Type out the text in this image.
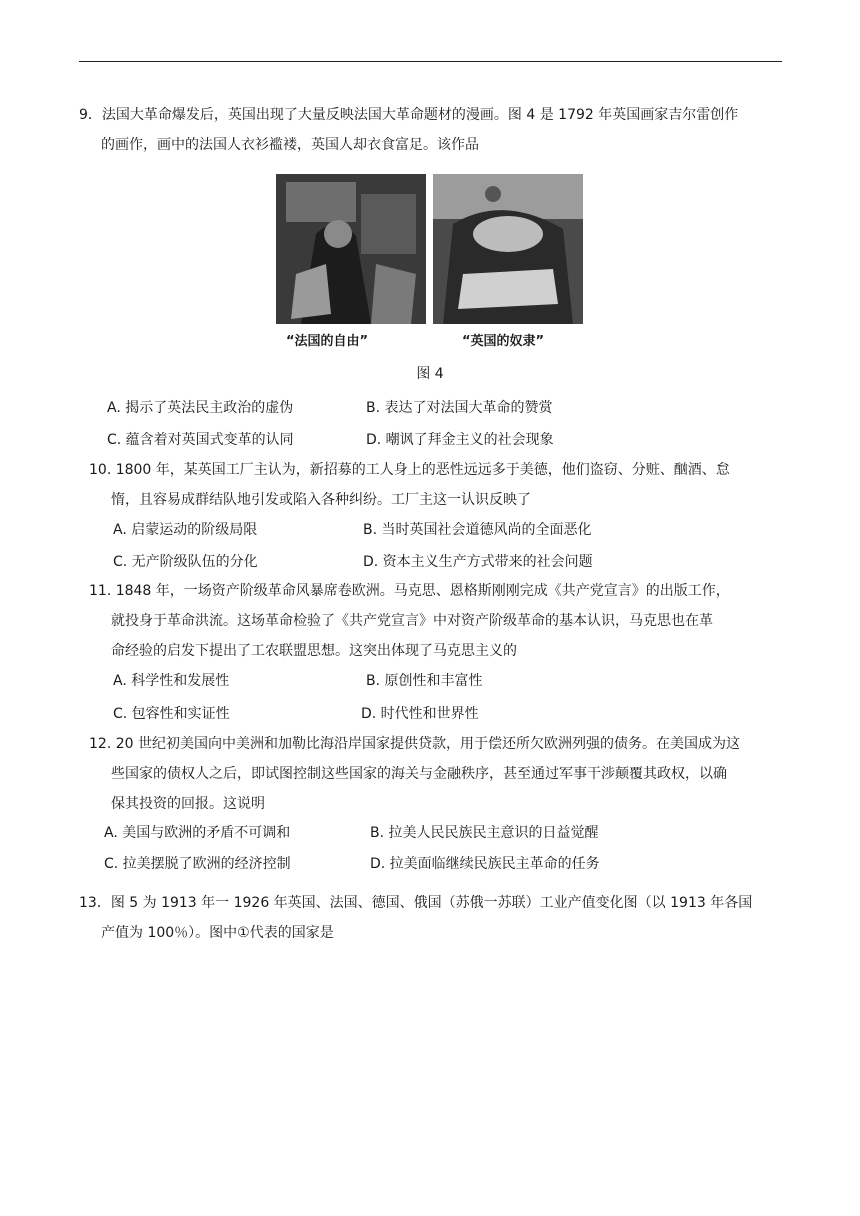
9．法国大革命爆发后，英国出现了大量反映法国大革命题材的漫画。图 4 是 1792 年英国画家吉尔雷创作

的画作，画中的法国人衣衫褴褛，英国人却衣食富足。该作品

“法国的自由”	“英国的奴隶”
图 4
A. 揭示了英法民主政治的虚伪	B. 表达了对法国大革命的赞赏
C. 蕴含着对英国式变革的认同	D. 嘲讽了拜金主义的社会现象

10. 1800 年，某英国工厂主认为，新招募的工人身上的恶性远远多于美德，他们盗窃、分赃、酗酒、怠

惰，且容易成群结队地引发或陷入各种纠纷。工厂主这一认识反映了

A. 启蒙运动的阶级局限	B. 当时英国社会道德风尚的全面恶化
C. 无产阶级队伍的分化	D. 资本主义生产方式带来的社会问题

11. 1848 年，一场资产阶级革命风暴席卷欧洲。马克思、恩格斯刚刚完成《共产党宣言》的出版工作，

就投身于革命洪流。这场革命检验了《共产党宣言》中对资产阶级革命的基本认识，马克思也在革

命经验的启发下提出了工农联盟思想。这突出体现了马克思主义的

A. 科学性和发展性	B. 原创性和丰富性
C. 包容性和实证性	D. 时代性和世界性

12. 20 世纪初美国向中美洲和加勒比海沿岸国家提供贷款，用于偿还所欠欧洲列强的债务。在美国成为这

些国家的债权人之后，即试图控制这些国家的海关与金融秩序，甚至通过军事干涉颠覆其政权，以确

保其投资的回报。这说明

A. 美国与欧洲的矛盾不可调和	B. 拉美人民民族民主意识的日益觉醒
C. 拉美摆脱了欧洲的经济控制	D. 拉美面临继续民族民主革命的任务

13．图 5 为 1913 年一 1926 年英国、法国、德国、俄国（苏俄一苏联）工业产值变化图（以 1913 年各国

产值为 100％）。图中①代表的国家是
